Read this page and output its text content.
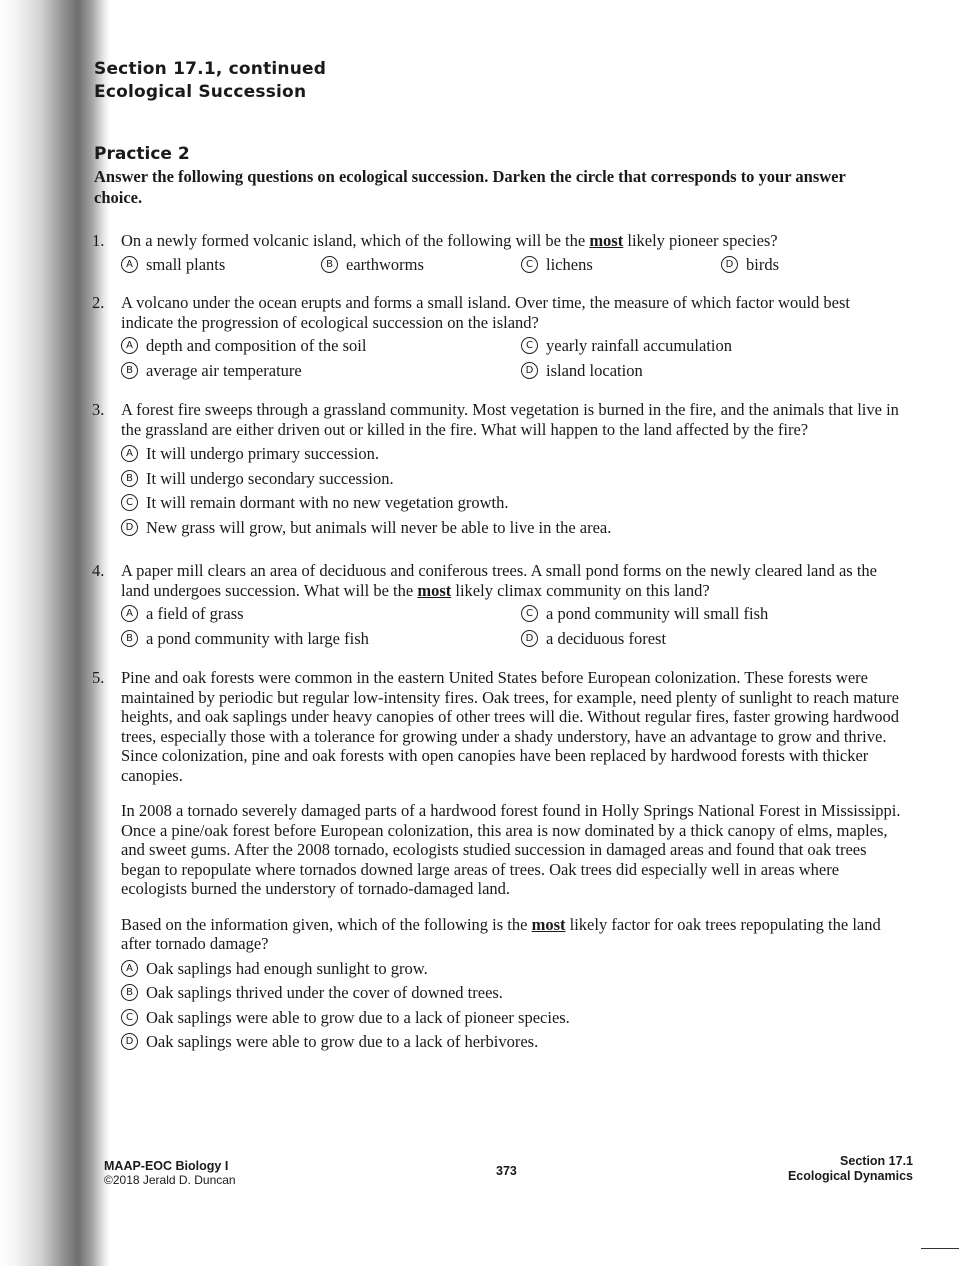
Section 17.1, continued
Ecological Succession
Practice 2
Answer the following questions on ecological succession. Darken the circle that corresponds to your answer choice.
1. On a newly formed volcanic island, which of the following will be the most likely pioneer species?
A small plants	B earthworms	C lichens	D birds
2. A volcano under the ocean erupts and forms a small island. Over time, the measure of which factor would best indicate the progression of ecological succession on the island?
A depth and composition of the soil	C yearly rainfall accumulation
B average air temperature	D island location
3. A forest fire sweeps through a grassland community. Most vegetation is burned in the fire, and the animals that live in the grassland are either driven out or killed in the fire. What will happen to the land affected by the fire?
A It will undergo primary succession.
B It will undergo secondary succession.
C It will remain dormant with no new vegetation growth.
D New grass will grow, but animals will never be able to live in the area.
4. A paper mill clears an area of deciduous and coniferous trees. A small pond forms on the newly cleared land as the land undergoes succession. What will be the most likely climax community on this land?
A a field of grass	C a pond community will small fish
B a pond community with large fish	D a deciduous forest
5. Pine and oak forests were common in the eastern United States before European colonization. These forests were maintained by periodic but regular low-intensity fires. Oak trees, for example, need plenty of sunlight to reach mature heights, and oak saplings under heavy canopies of other trees will die. Without regular fires, faster growing hardwood trees, especially those with a tolerance for growing under a shady understory, have an advantage to grow and thrive. Since colonization, pine and oak forests with open canopies have been replaced by hardwood forests with thicker canopies.

In 2008 a tornado severely damaged parts of a hardwood forest found in Holly Springs National Forest in Mississippi. Once a pine/oak forest before European colonization, this area is now dominated by a thick canopy of elms, maples, and sweet gums. After the 2008 tornado, ecologists studied succession in damaged areas and found that oak trees began to repopulate where tornados downed large areas of trees. Oak trees did especially well in areas where ecologists burned the understory of tornado-damaged land.

Based on the information given, which of the following is the most likely factor for oak trees repopulating the land after tornado damage?

A Oak saplings had enough sunlight to grow.
B Oak saplings thrived under the cover of downed trees.
C Oak saplings were able to grow due to a lack of pioneer species.
D Oak saplings were able to grow due to a lack of herbivores.
MAAP-EOC Biology I
©2018 Jerald D. Duncan
373
Section 17.1
Ecological Dynamics
